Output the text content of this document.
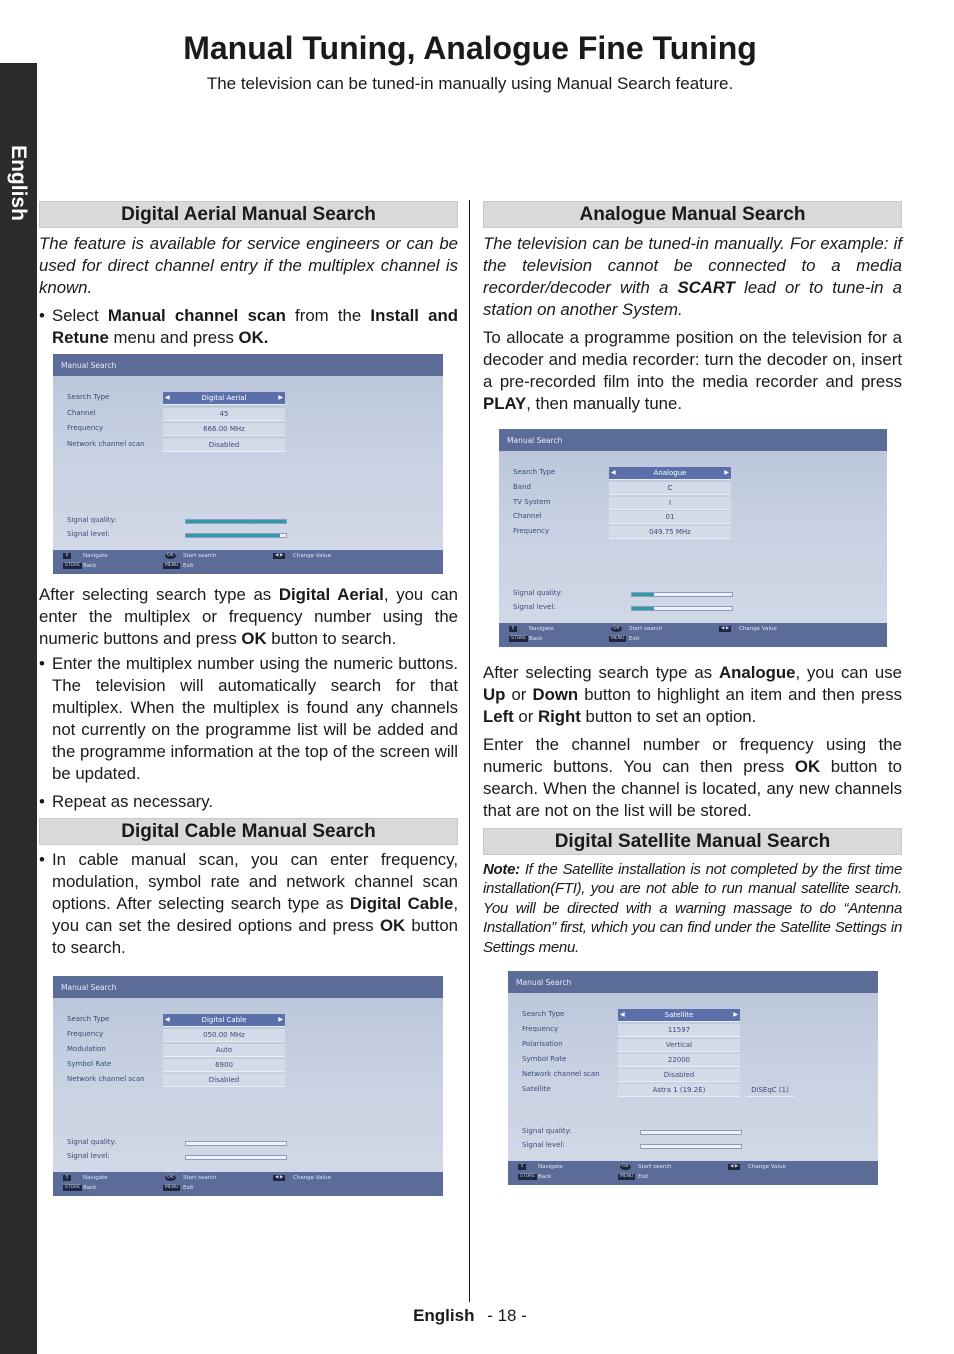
Manual Tuning, Analogue Fine Tuning

The television can be tuned-in manually using Manual Search feature.

English	Digital Aerial Manual Search

The feature is available for service engineers or can be used for direct channel entry if the multiplex channel is known.

• Select Manual channel scan from the Install and Retune menu and press OK.

Manual Search
Search Type	◀ Digital Aerial ▶
Channel	45
Frequency	666.00 MHz
Network channel scan	Disabled
Signal quality:
Signal level:
⇕	Navigate
STORE Back
OK	Start search
MENU Exit
◀ ▶	Change Value

After selecting search type as Digital Aerial, you can enter the multiplex or frequency number using the numeric buttons and press OK button to search.

• Enter the multiplex number using the numeric buttons. The television will automatically search for that multiplex. When the multiplex is found any channels not currently on the programme list will be added and the programme information at the top of the screen will be updated.

• Repeat as necessary.

Digital Cable Manual Search

• In cable manual scan, you can enter frequency, modulation, symbol rate and network channel scan options. After selecting search type as Digital Cable, you can set the desired options and press OK button to search.

Manual Search
Search Type	◀ Digital Cable ▶
Frequency	050.00 MHz
Modulation	Auto
Symbol Rate	6900
Network channel scan	Disabled
Signal quality:
Signal level:
⇕	Navigate
STORE Back
OK	Start search
MENU Exit
◀ ▶	Change Value
Analogue Manual Search

The television can be tuned-in manually. For example: if the television cannot be connected to a media recorder/decoder with a SCART lead or to tune-in a station on another System.

To allocate a programme position on the television for a decoder and media recorder: turn the decoder on, insert a pre-recorded film into the media recorder and press PLAY, then manually tune.

Manual Search
Search Type	◀ Analogue ▶
Band	C
TV System	I
Channel	01
Frequency	049.75 MHz
Signal quality:
Signal level:
⇕	Navigate
STORE Back
OK	Start search
MENU Exit
◀ ▶	Change Value

After selecting search type as Analogue, you can use Up or Down button to highlight an item and then press Left or Right button to set an option.

Enter the channel number or frequency using the numeric buttons. You can then press OK button to search. When the channel is located, any new channels that are not on the list will be stored.

Digital Satellite Manual Search

Note: If the Satellite installation is not completed by the first time installation(FTI), you are not able to run manual satellite search. You will be directed with a warning massage to do “Antenna Installation” first, which you can find under the Satellite Settings in Settings menu.

Manual Search
Search Type	◀ Satellite ▶
Frequency	11597
Polarisation	Vertical
Symbol Rate	22000
Network channel scan	Disabled
Satellite	Astra 1 (19.2E)	DiSEqC (1)
Signal quality:
Signal level:
⇕	Navigate
STORE Back
OK	Start search
MENU Exit
◀ ▶	Change Value
English - 18 -
